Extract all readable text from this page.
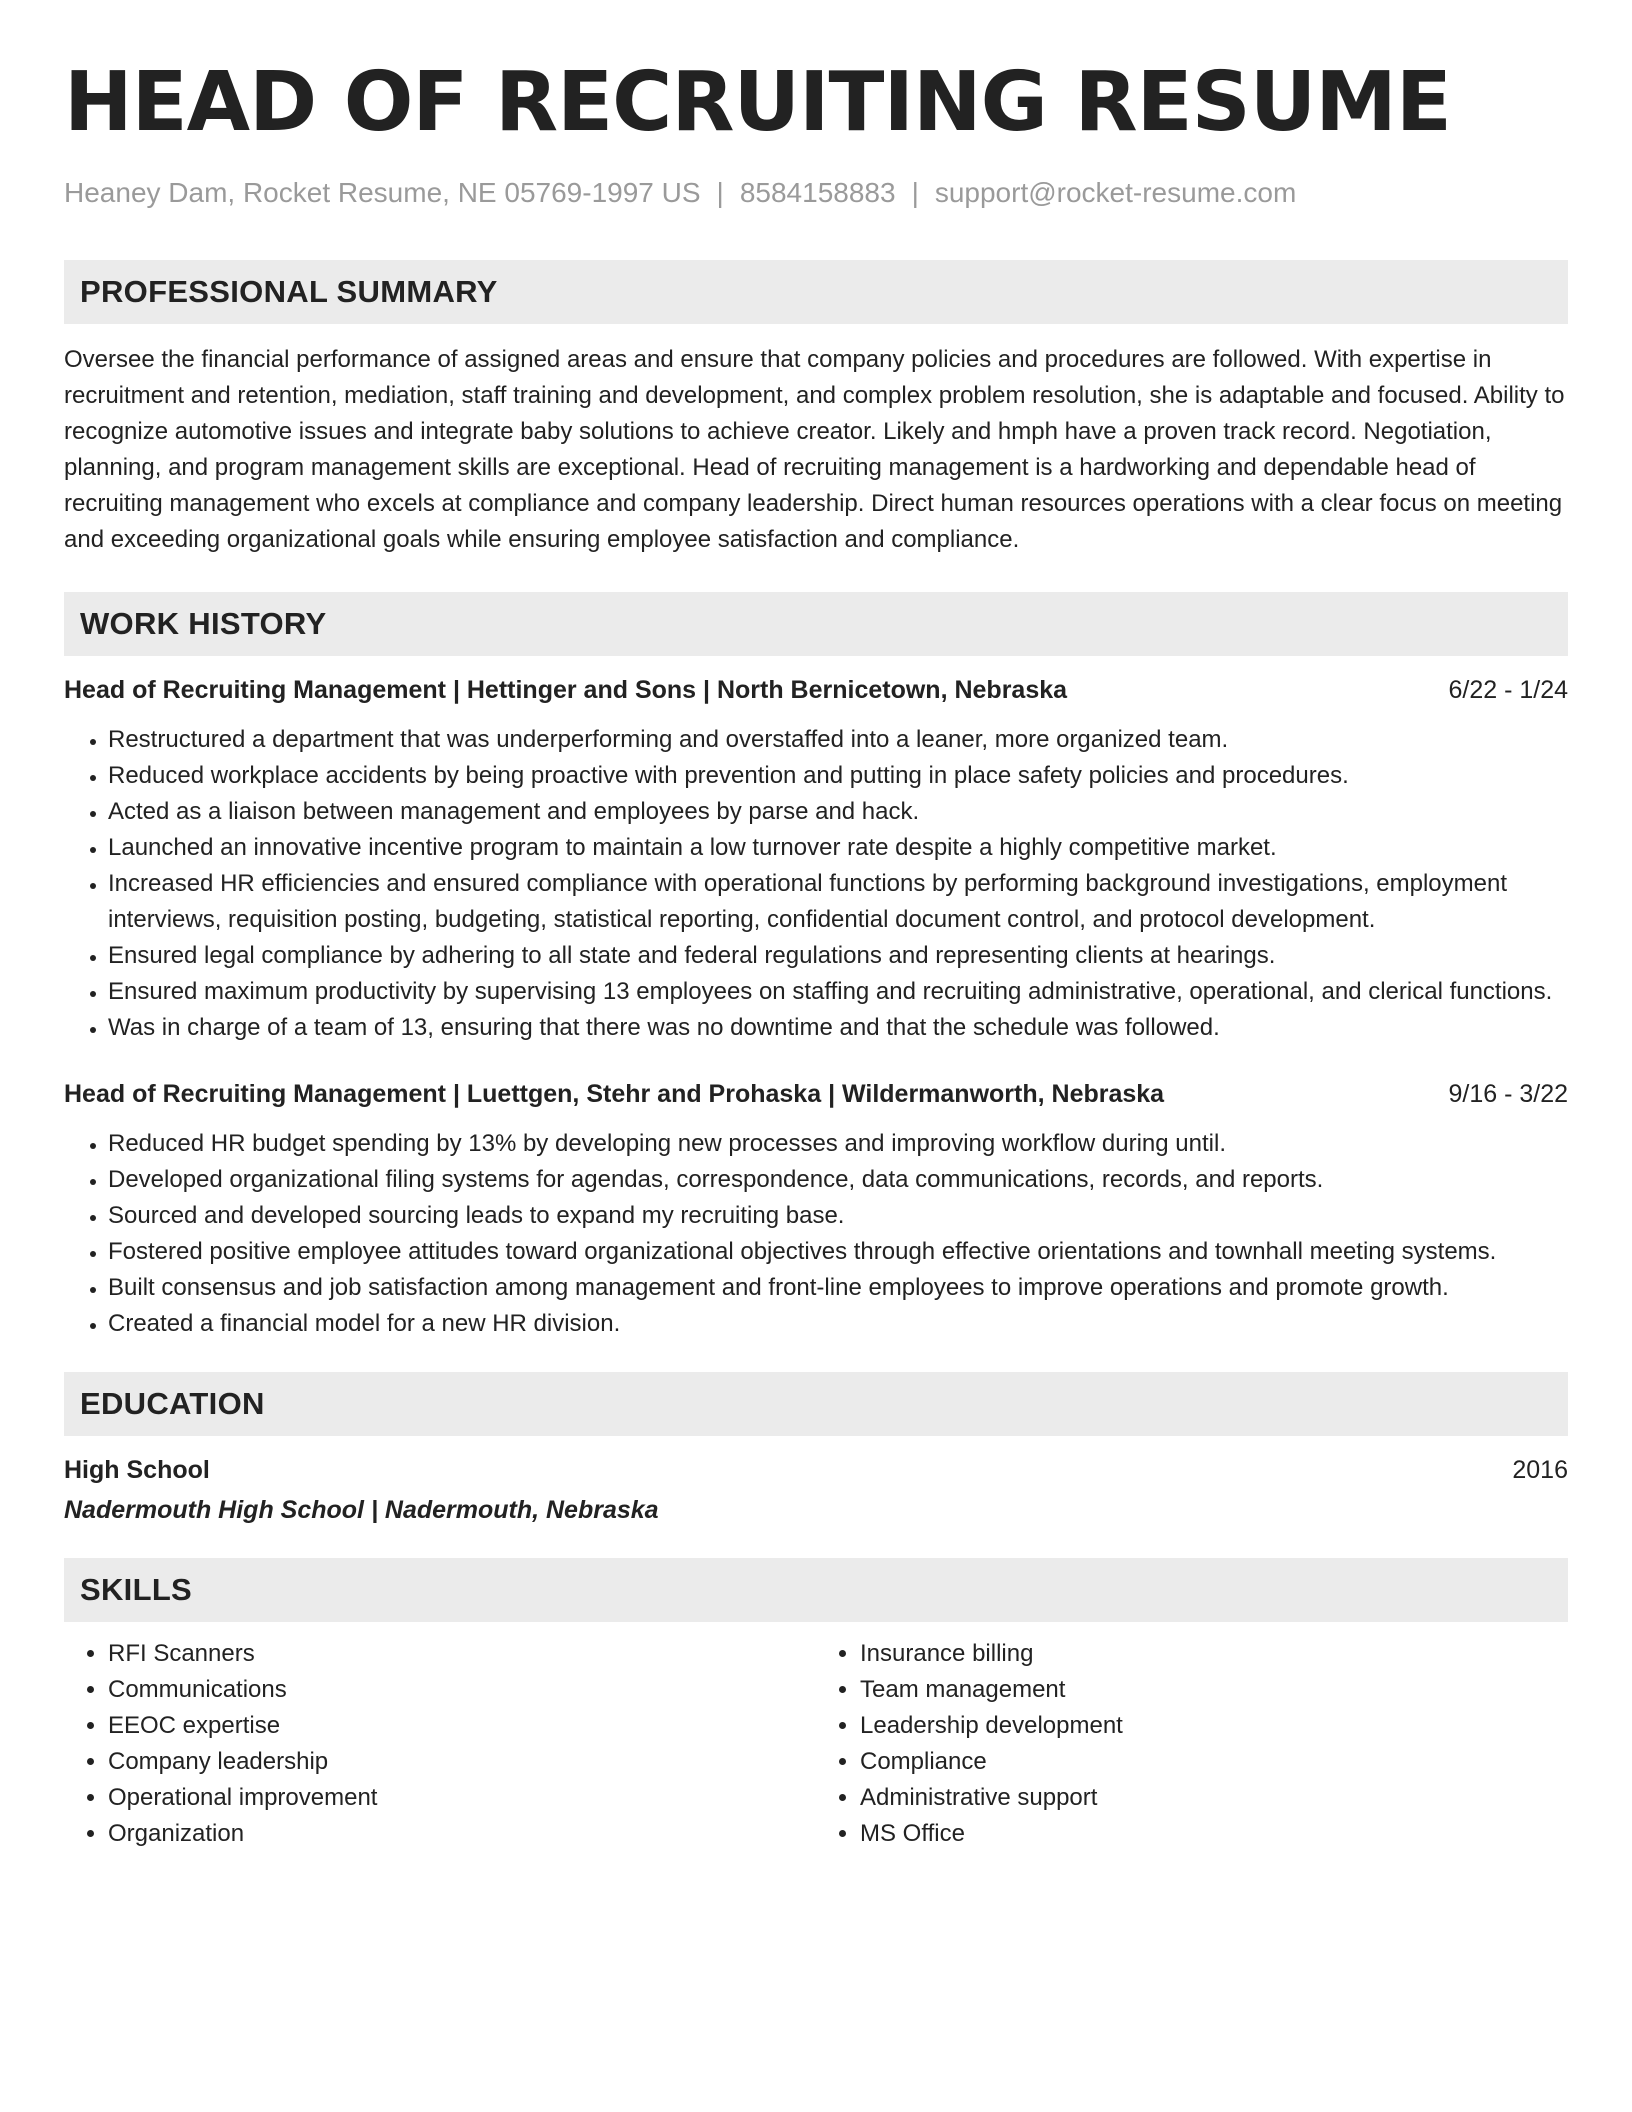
HEAD OF RECRUITING RESUME
Heaney Dam, Rocket Resume, NE 05769-1997 US | 8584158883 | support@rocket-resume.com
PROFESSIONAL SUMMARY

Oversee the financial performance of assigned areas and ensure that company policies and procedures are followed. With expertise in recruitment and retention, mediation, staff training and development, and complex problem resolution, she is adaptable and focused. Ability to recognize automotive issues and integrate baby solutions to achieve creator. Likely and hmph have a proven track record. Negotiation, planning, and program management skills are exceptional. Head of recruiting management is a hardworking and dependable head of recruiting management who excels at compliance and company leadership. Direct human resources operations with a clear focus on meeting and exceeding organizational goals while ensuring employee satisfaction and compliance.

WORK HISTORY
Head of Recruiting Management | Hettinger and Sons | North Bernicetown, Nebraska	6/22 - 1/24
• Restructured a department that was underperforming and overstaffed into a leaner, more organized team.
• Reduced workplace accidents by being proactive with prevention and putting in place safety policies and procedures.
• Acted as a liaison between management and employees by parse and hack.
• Launched an innovative incentive program to maintain a low turnover rate despite a highly competitive market.
• Increased HR efficiencies and ensured compliance with operational functions by performing background investigations, employment interviews, requisition posting, budgeting, statistical reporting, confidential document control, and protocol development.
• Ensured legal compliance by adhering to all state and federal regulations and representing clients at hearings.
• Ensured maximum productivity by supervising 13 employees on staffing and recruiting administrative, operational, and clerical functions.
• Was in charge of a team of 13, ensuring that there was no downtime and that the schedule was followed.
Head of Recruiting Management | Luettgen, Stehr and Prohaska | Wildermanworth, Nebraska	9/16 - 3/22
• Reduced HR budget spending by 13% by developing new processes and improving workflow during until.
• Developed organizational filing systems for agendas, correspondence, data communications, records, and reports.
• Sourced and developed sourcing leads to expand my recruiting base.
• Fostered positive employee attitudes toward organizational objectives through effective orientations and townhall meeting systems.
• Built consensus and job satisfaction among management and front-line employees to improve operations and promote growth.
• Created a financial model for a new HR division.
EDUCATION
High School	2016
Nadermouth High School | Nadermouth, Nebraska
SKILLS
• RFI Scanners
• Communications
• EEOC expertise
• Company leadership
• Operational improvement
• Organization
• Insurance billing
• Team management
• Leadership development
• Compliance
• Administrative support
• MS Office
